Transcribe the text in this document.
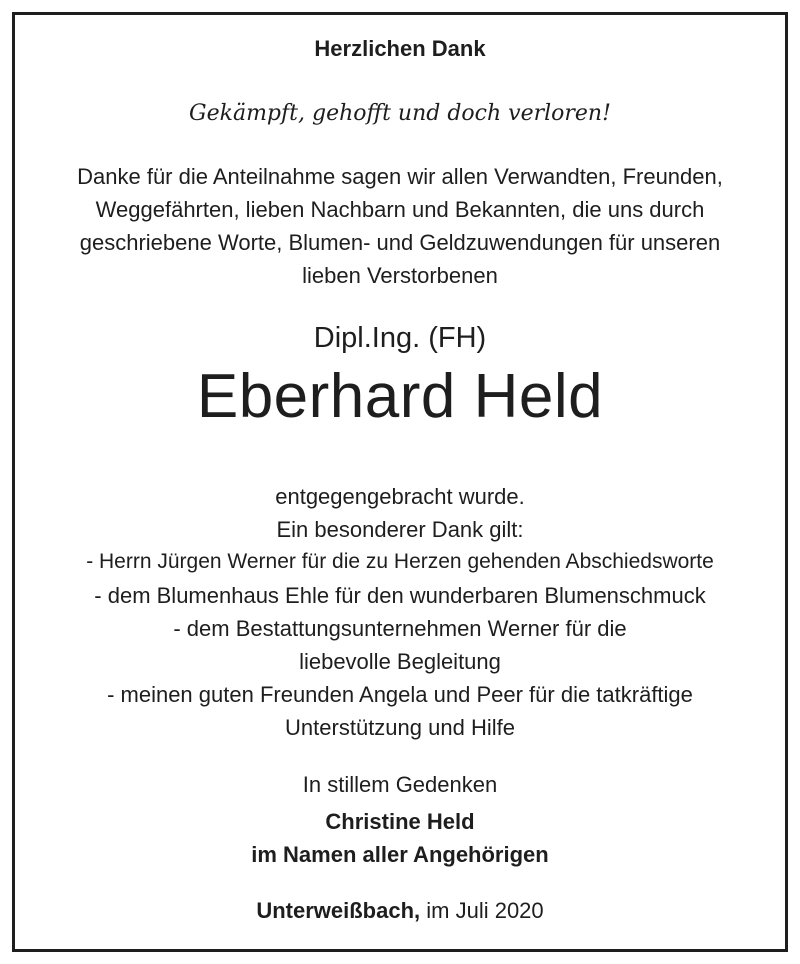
Herzlichen Dank

Gekämpft, gehofft und doch verloren!

Danke für die Anteilnahme sagen wir allen Verwandten, Freunden,

Weggefährten, lieben Nachbarn und Bekannten, die uns durch

geschriebene Worte, Blumen- und Geldzuwendungen für unseren

lieben Verstorbenen

Dipl.Ing. (FH)

Eberhard Held

entgegengebracht wurde.

Ein besonderer Dank gilt:

- Herrn Jürgen Werner für die zu Herzen gehenden Abschiedsworte

- dem Blumenhaus Ehle für den wunderbaren Blumenschmuck

- dem Bestattungsunternehmen Werner für die

liebevolle Begleitung

- meinen guten Freunden Angela und Peer für die tatkräftige

Unterstützung und Hilfe

In stillem Gedenken

Christine Held

im Namen aller Angehörigen

Unterweißbach, im Juli 2020
